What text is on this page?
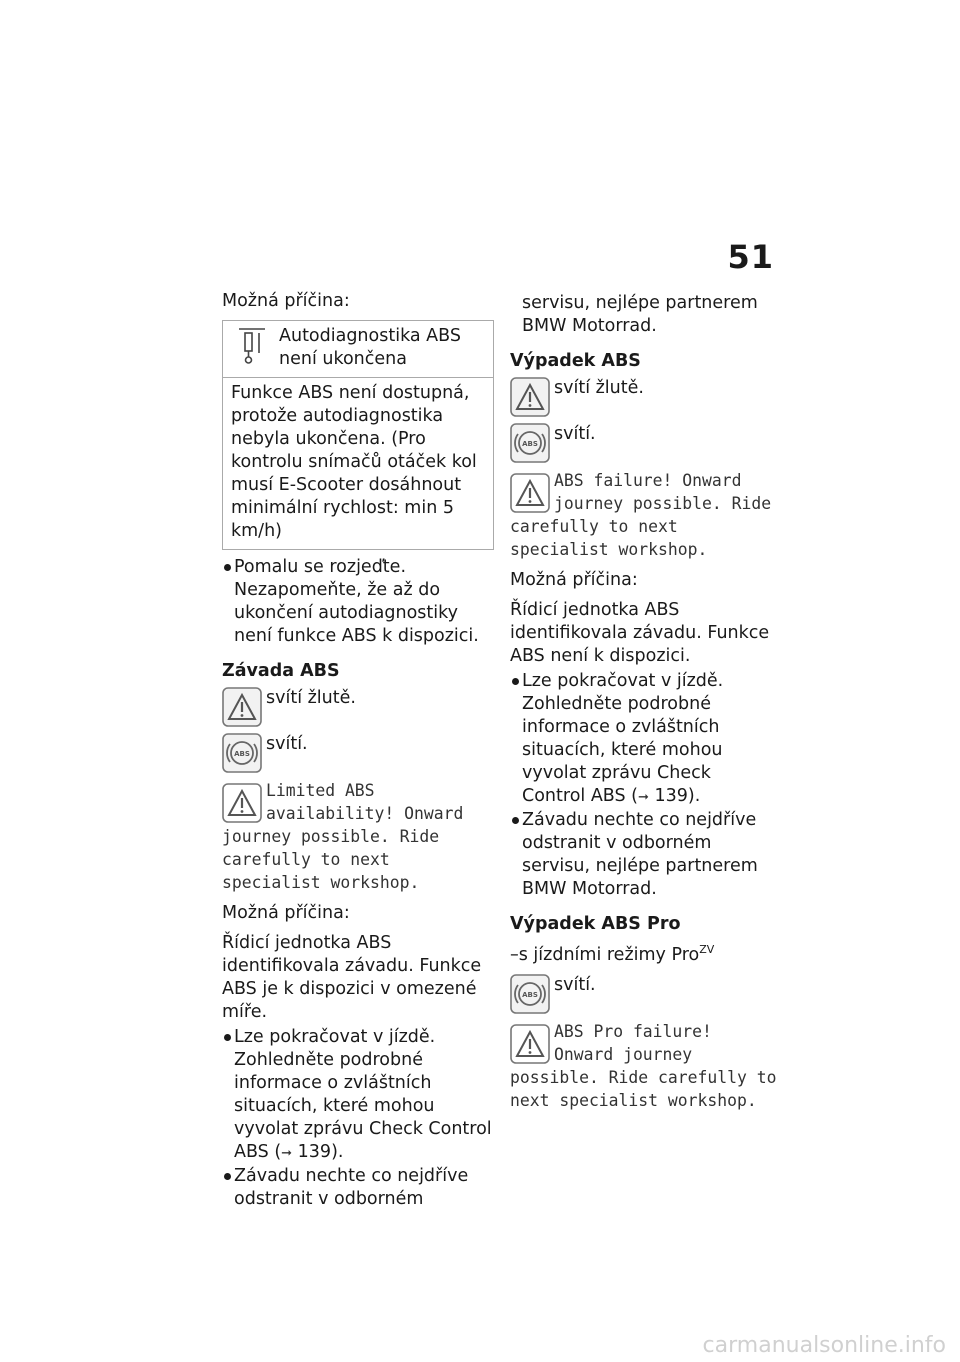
51

Možná příčina:

Autodiagnostika ABS není ukončena
Funkce ABS není dostupná, protože autodiagnostika nebyla ukončena. (Pro kontrolu snímačů otáček kol musí E-Scooter dosáhnout minimální rychlost: min 5 km/h)
Pomalu se rozjeďte. Nezapomeňte, že až do ukončení autodiagnostiky není funkce ABS k dispozici.
Závada ABS
svítí žlutě.
ABS svítí.
Limited ABS availability! Onward journey possible. Ride carefully to next specialist workshop.

Možná příčina:

Řídicí jednotka ABS identifikovala závadu. Funkce ABS je k dispozici v omezené míře.

Lze pokračovat v jízdě. Zohledněte podrobné informace o zvláštních situacích, které mohou vyvolat zprávu Check Control ABS (➞ 139).
Závadu nechte co nejdříve odstranit v odborném

servisu, nejlépe partnerem BMW Motorrad.

Výpadek ABS
svítí žlutě.
ABS svítí.
ABS failure! Onward journey possible. Ride carefully to next specialist workshop.

Možná příčina:

Řídicí jednotka ABS identifikovala závadu. Funkce ABS není k dispozici.

Lze pokračovat v jízdě. Zohledněte podrobné informace o zvláštních situacích, které mohou vyvolat zprávu Check Control ABS (➞ 139).
Závadu nechte co nejdříve odstranit v odborném servisu, nejlépe partnerem BMW Motorrad.
Výpadek ABS Pro

–s jízdními režimy Pro$^{ZV}$

ABS svítí.
ABS Pro failure! Onward journey possible. Ride carefully to next specialist workshop.
carmanualsonline.info
